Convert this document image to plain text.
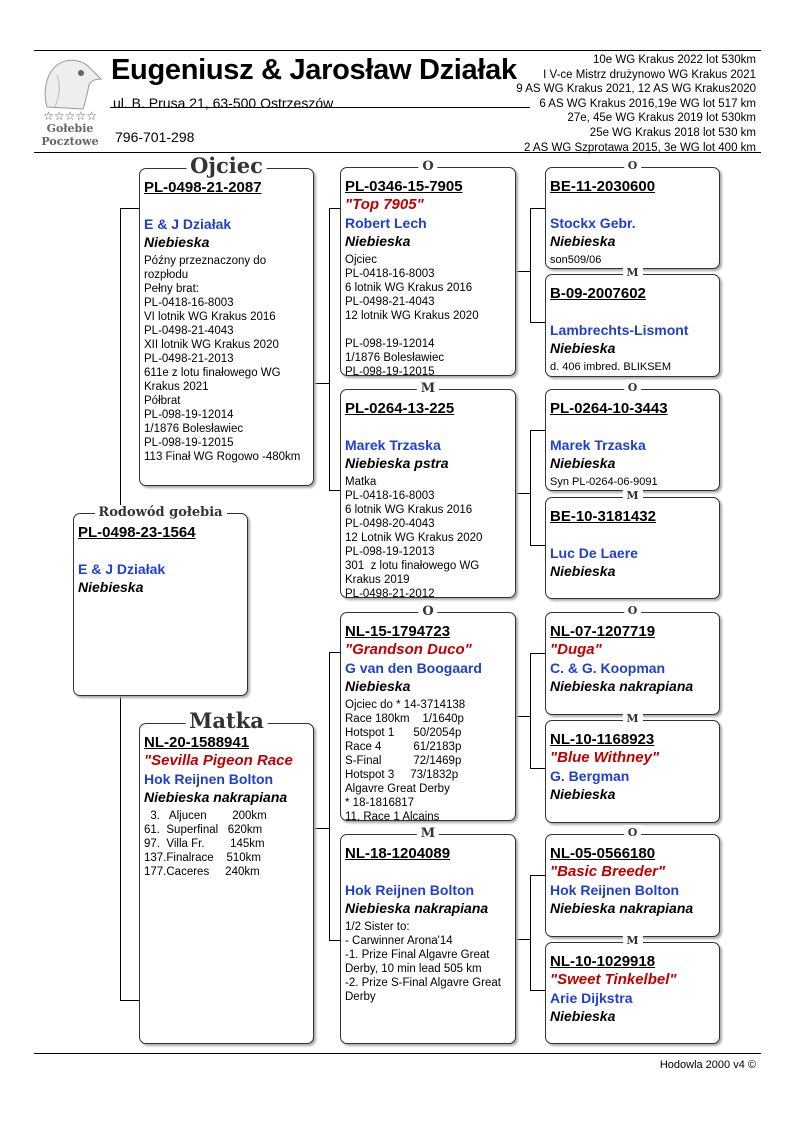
☆☆☆☆☆
Gołebie
Pocztowe
Eugeniusz & Jarosław Działak
ul. B. Prusa 21, 63-500 Ostrzeszów
796-701-298
10e WG Krakus 2022 lot 530km
I V-ce Mistrz drużynowo WG Krakus 2021
9 AS WG Krakus 2021, 12 AS WG Krakus2020
6 AS WG Krakus 2016,19e WG lot 517 km
27e, 45e WG Krakus 2019 lot 530km
25e WG Krakus 2018 lot 530 km
2 AS WG Szprotawa 2015, 3e WG lot 400 km
Rodowód gołebia
PL-0498-23-1564
E & J Działak
Niebieska
Ojciec
PL-0498-21-2087
E & J Działak
Niebieska
Późny przeznaczony do
rozpłodu
Pełny brat:
PL-0418-16-8003
VI lotnik WG Krakus 2016
PL-0498-21-4043
XII lotnik WG Krakus 2020
PL-0498-21-2013
611e z lotu finałowego WG
Krakus 2021
Półbrat
PL-098-19-12014
1/1876 Bolesławiec
PL-098-19-12015
113 Finał WG Rogowo -480km
Matka
NL-20-1588941
"Sevilla Pigeon Race
Hok Reijnen Bolton
Niebieska nakrapiana
3.   Aljucen        200km
61.  Superfinal   620km
97.  Villa Fr.        145km
137.Finalrace    510km
177.Caceres     240km
O
PL-0346-15-7905
"Top 7905"
Robert Lech
Niebieska
Ojciec
PL-0418-16-8003
6 lotnik WG Krakus 2016
PL-0498-21-4043
12 lotnik WG Krakus 2020

PL-098-19-12014
1/1876 Bolesławiec
PL-098-19-12015
M
PL-0264-13-225
Marek Trzaska
Niebieska pstra
Matka
PL-0418-16-8003
6 lotnik WG Krakus 2016
PL-0498-20-4043
12 Lotnik WG Krakus 2020
PL-098-19-12013
301  z lotu finałowego WG
Krakus 2019
PL-0498-21-2012
O
NL-15-1794723
"Grandson Duco"
G van den Boogaard
Niebieska
Ojciec do * 14-3714138
Race 180km    1/1640p
Hotspot 1      50/2054p
Race 4          61/2183p
S-Final          72/1469p
Hotspot 3     73/1832p
Algavre Great Derby
* 18-1816817
11. Race 1 Alcains
M
NL-18-1204089
Hok Reijnen Bolton
Niebieska nakrapiana
1/2 Sister to:
- Carwinner Arona'14
-1. Prize Final Algavre Great
Derby, 10 min lead 505 km
-2. Prize S-Final Algavre Great
Derby
O
BE-11-2030600
Stockx Gebr.
Niebieska
son509/06
M
B-09-2007602
Lambrechts-Lismont
Niebieska
d. 406 imbred. BLIKSEM
O
PL-0264-10-3443
Marek Trzaska
Niebieska
Syn PL-0264-06-9091
M
BE-10-3181432
Luc De Laere
Niebieska
O
NL-07-1207719
"Duga"
C. & G. Koopman
Niebieska nakrapiana
M
NL-10-1168923
"Blue Withney"
G. Bergman
Niebieska
O
NL-05-0566180
"Basic Breeder"
Hok Reijnen Bolton
Niebieska nakrapiana
M
NL-10-1029918
"Sweet Tinkelbel"
Arie Dijkstra
Niebieska
Hodowla 2000 v4 ©
